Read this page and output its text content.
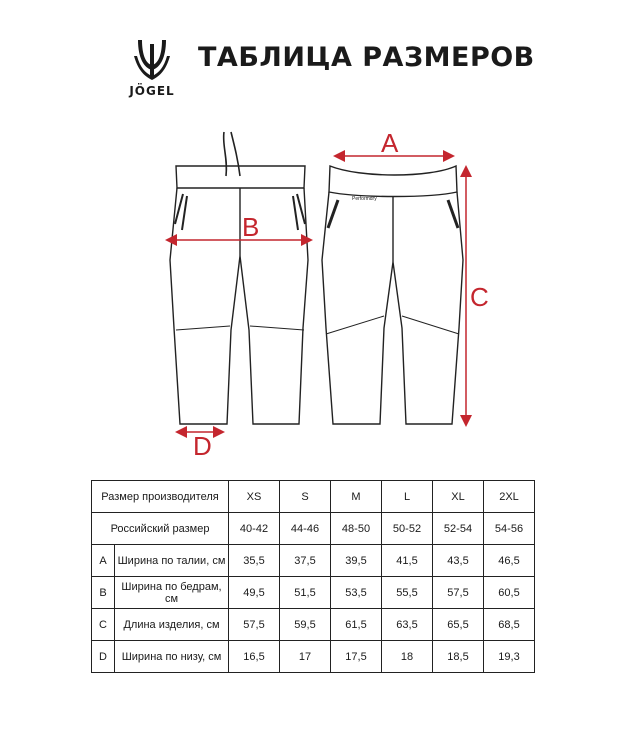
JÖGEL
ТАБЛИЦА РАЗМЕРОВ
Performdry
A
B
C
D
Размер производителя		XS	S	M	L	XL	2XL
Российский размер		40-42	44-46	48-50	50-52	52-54	54-56
A	Ширина по талии, см	35,5	37,5	39,5	41,5	43,5	46,5
B	Ширина по бедрам, см	49,5	51,5	53,5	55,5	57,5	60,5
C	Длина изделия, см	57,5	59,5	61,5	63,5	65,5	68,5
D	Ширина по низу, см	16,5	17	17,5	18	18,5	19,3
